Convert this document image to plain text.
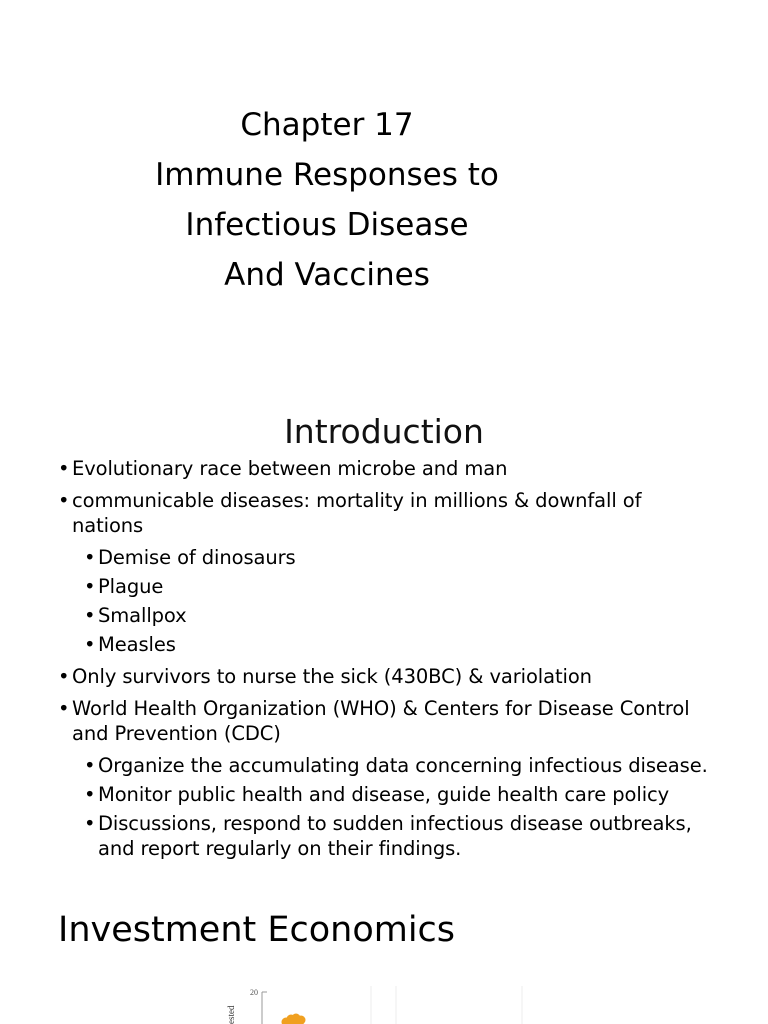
Chapter 17
Immune Responses to
Infectious Disease
And Vaccines
Introduction
• Evolutionary race between microbe and man
• communicable diseases: mortality in millions & downfall of nations
• Demise of dinosaurs
• Plague
• Smallpox
• Measles
• Only survivors to nurse the sick (430BC) & variolation
• World Health Organization (WHO) & Centers for Disease Control and Prevention (CDC)
• Organize the accumulating data concerning infectious disease.
• Monitor public health and disease, guide health care policy
• Discussions, respond to sudden infectious disease outbreaks, and report regularly on their findings.
Investment Economics
20
ested
